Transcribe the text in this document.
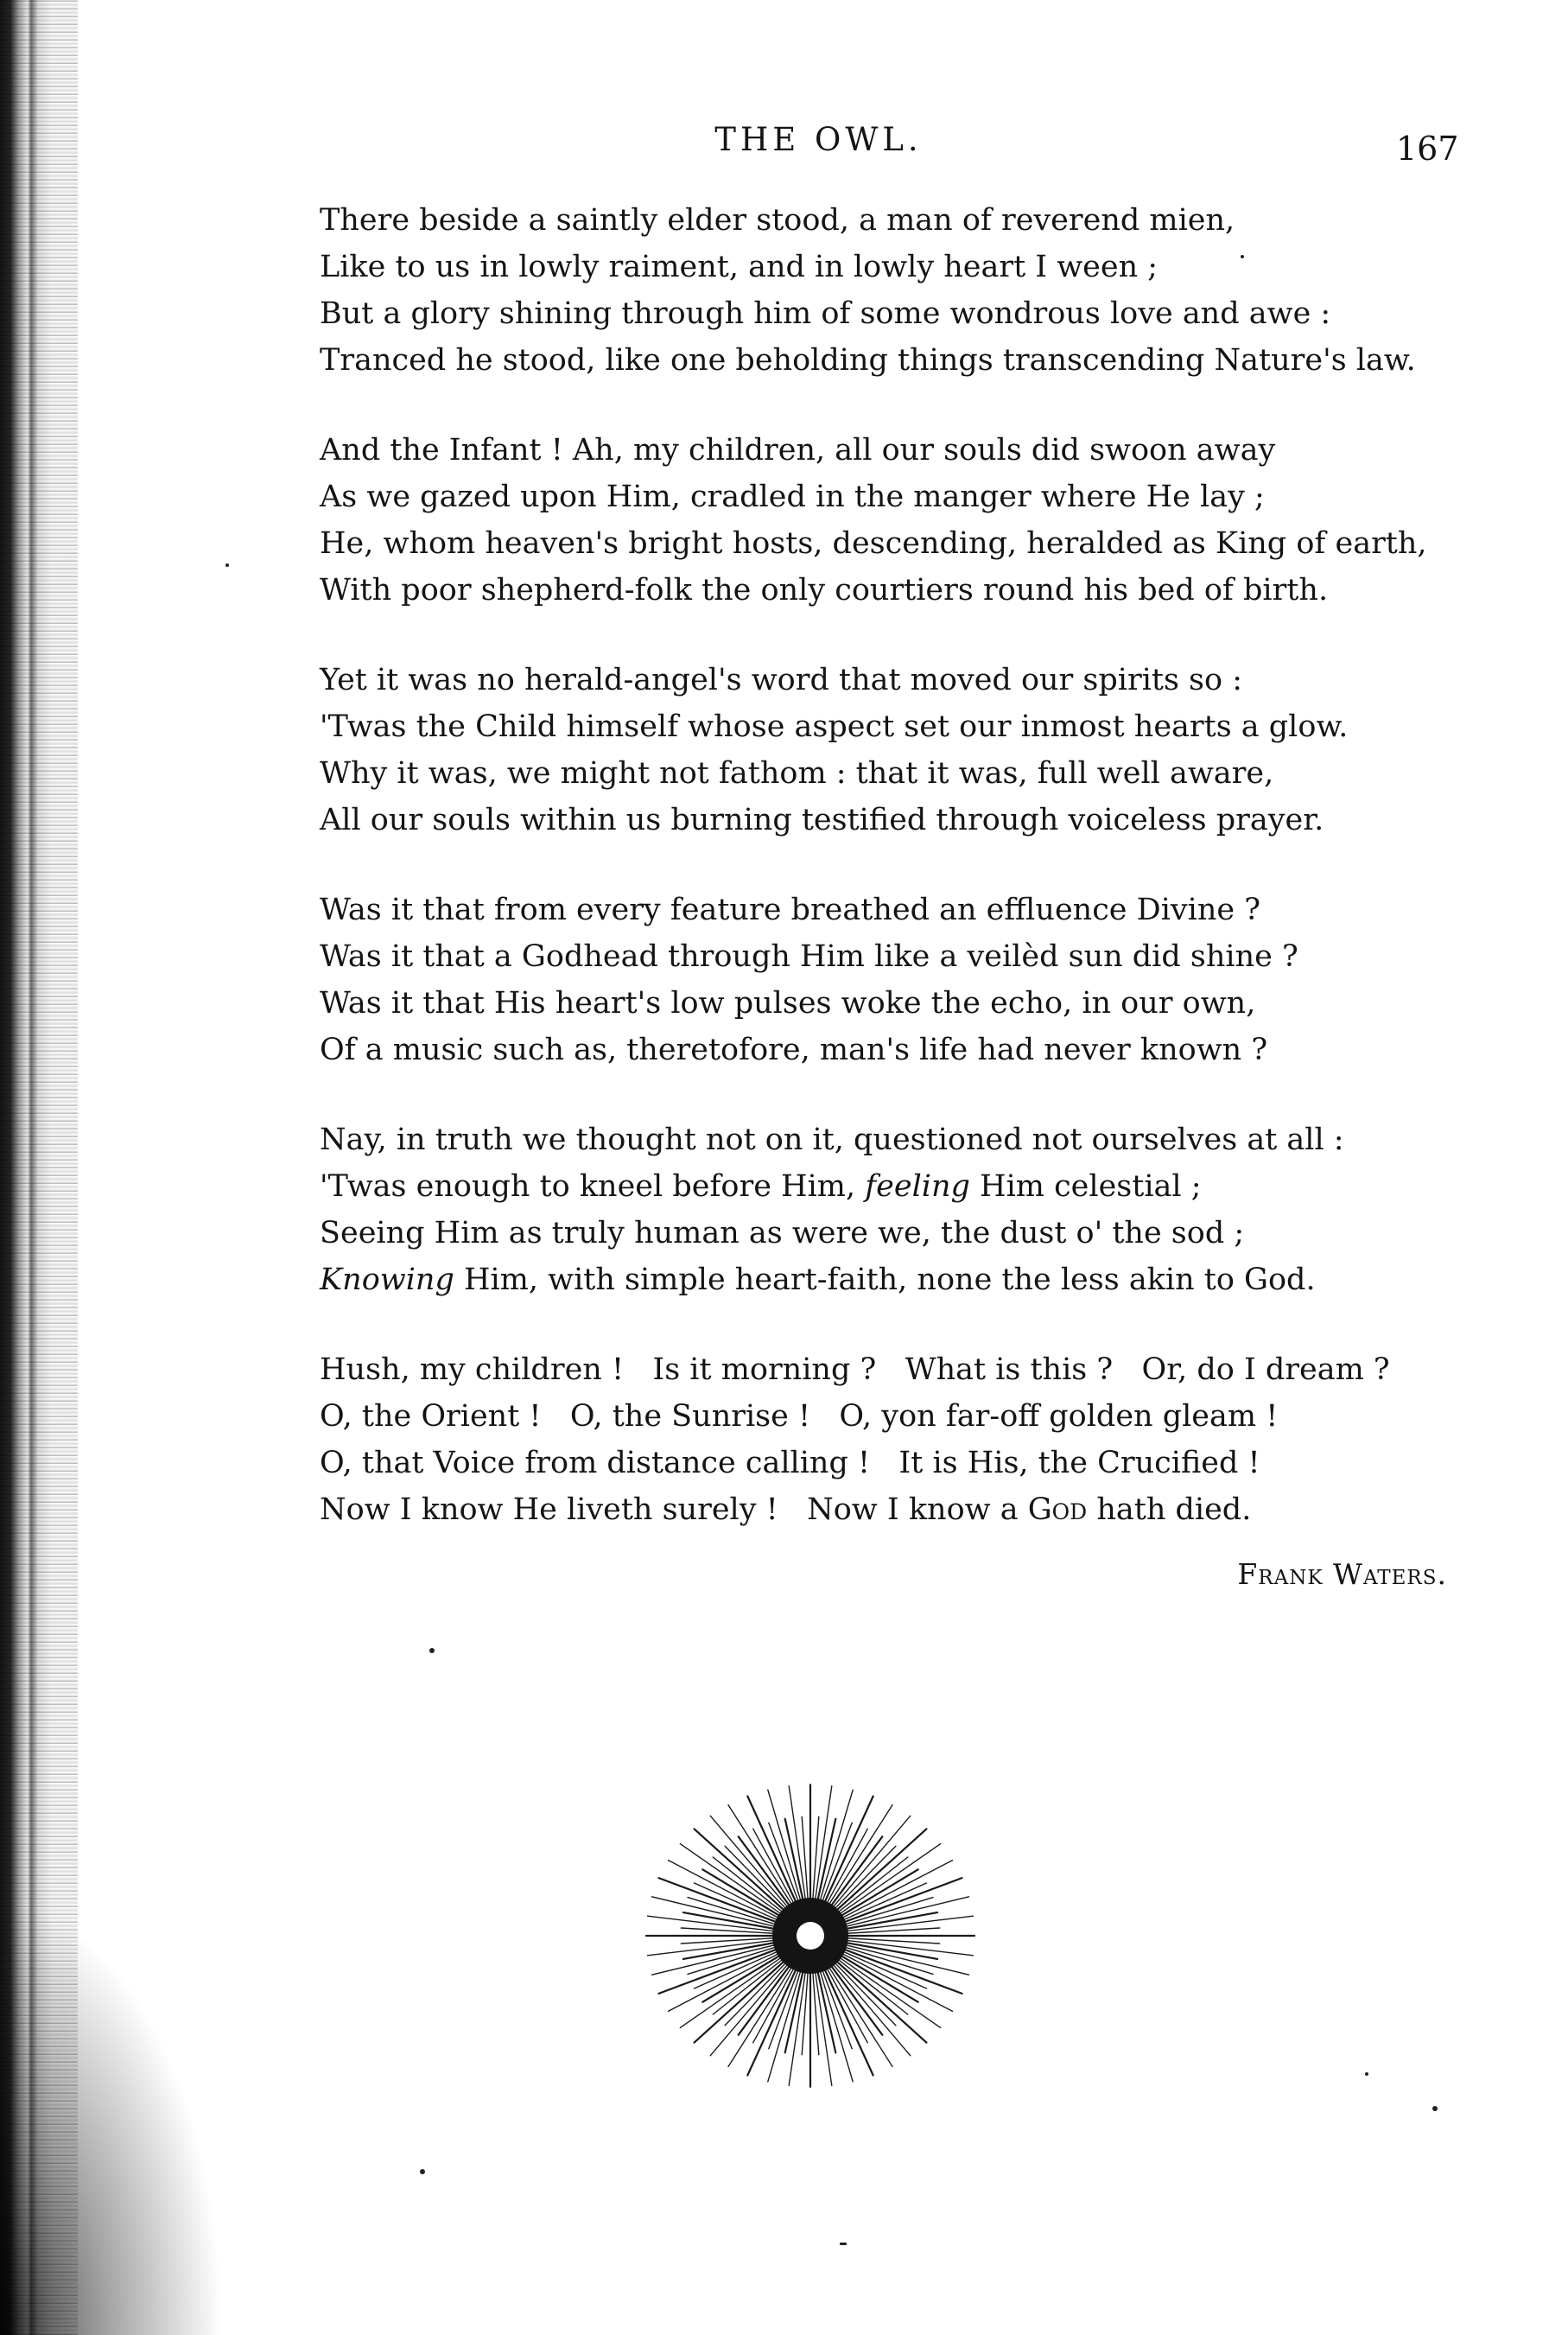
THE OWL.	167
There beside a saintly elder stood, a man of reverend mien,
Like to us in lowly raiment, and in lowly heart I ween ;
But a glory shining through him of some wondrous love and awe :
Tranced he stood, like one beholding things transcending Nature's law.
And the Infant ! Ah, my children, all our souls did swoon away
As we gazed upon Him, cradled in the manger where He lay ;
He, whom heaven's bright hosts, descending, heralded as King of earth,
With poor shepherd-folk the only courtiers round his bed of birth.
Yet it was no herald-angel's word that moved our spirits so :
'Twas the Child himself whose aspect set our inmost hearts a glow.
Why it was, we might not fathom : that it was, full well aware,
All our souls within us burning testified through voiceless prayer.
Was it that from every feature breathed an effluence Divine ?
Was it that a Godhead through Him like a veilèd sun did shine ?
Was it that His heart's low pulses woke the echo, in our own,
Of a music such as, theretofore, man's life had never known ?
Nay, in truth we thought not on it, questioned not ourselves at all :
'Twas enough to kneel before Him, feeling Him celestial ;
Seeing Him as truly human as were we, the dust o' the sod ;
Knowing Him, with simple heart-faith, none the less akin to God.
Hush, my children !   Is it morning ?   What is this ?   Or, do I dream ?
O, the Orient !   O, the Sunrise !   O, yon far-off golden gleam !
O, that Voice from distance calling !   It is His, the Crucified !
Now I know He liveth surely !   Now I know a God hath died.
Frank Waters.
